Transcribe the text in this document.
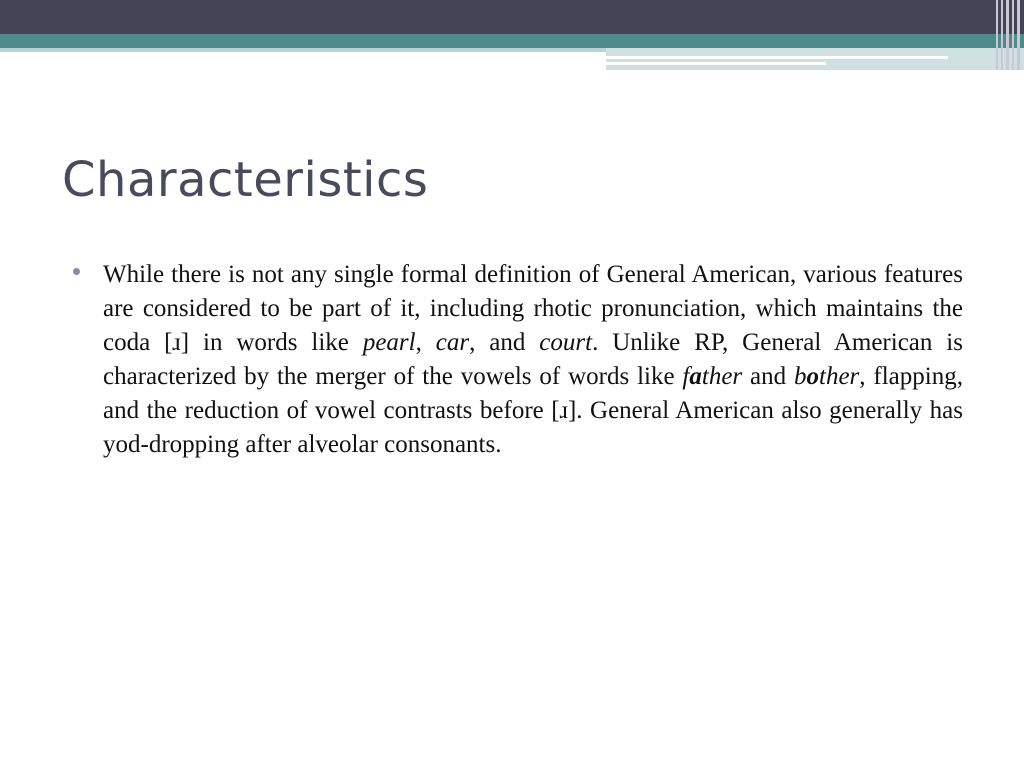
Characteristics
While there is not any single formal definition of General American, various features are considered to be part of it, including rhotic pronunciation, which maintains the coda [ɹ] in words like pearl, car, and court. Unlike RP, General American is characterized by the merger of the vowels of words like father and bother, flapping, and the reduction of vowel contrasts before [ɹ]. General American also generally has yod-dropping after alveolar consonants.
